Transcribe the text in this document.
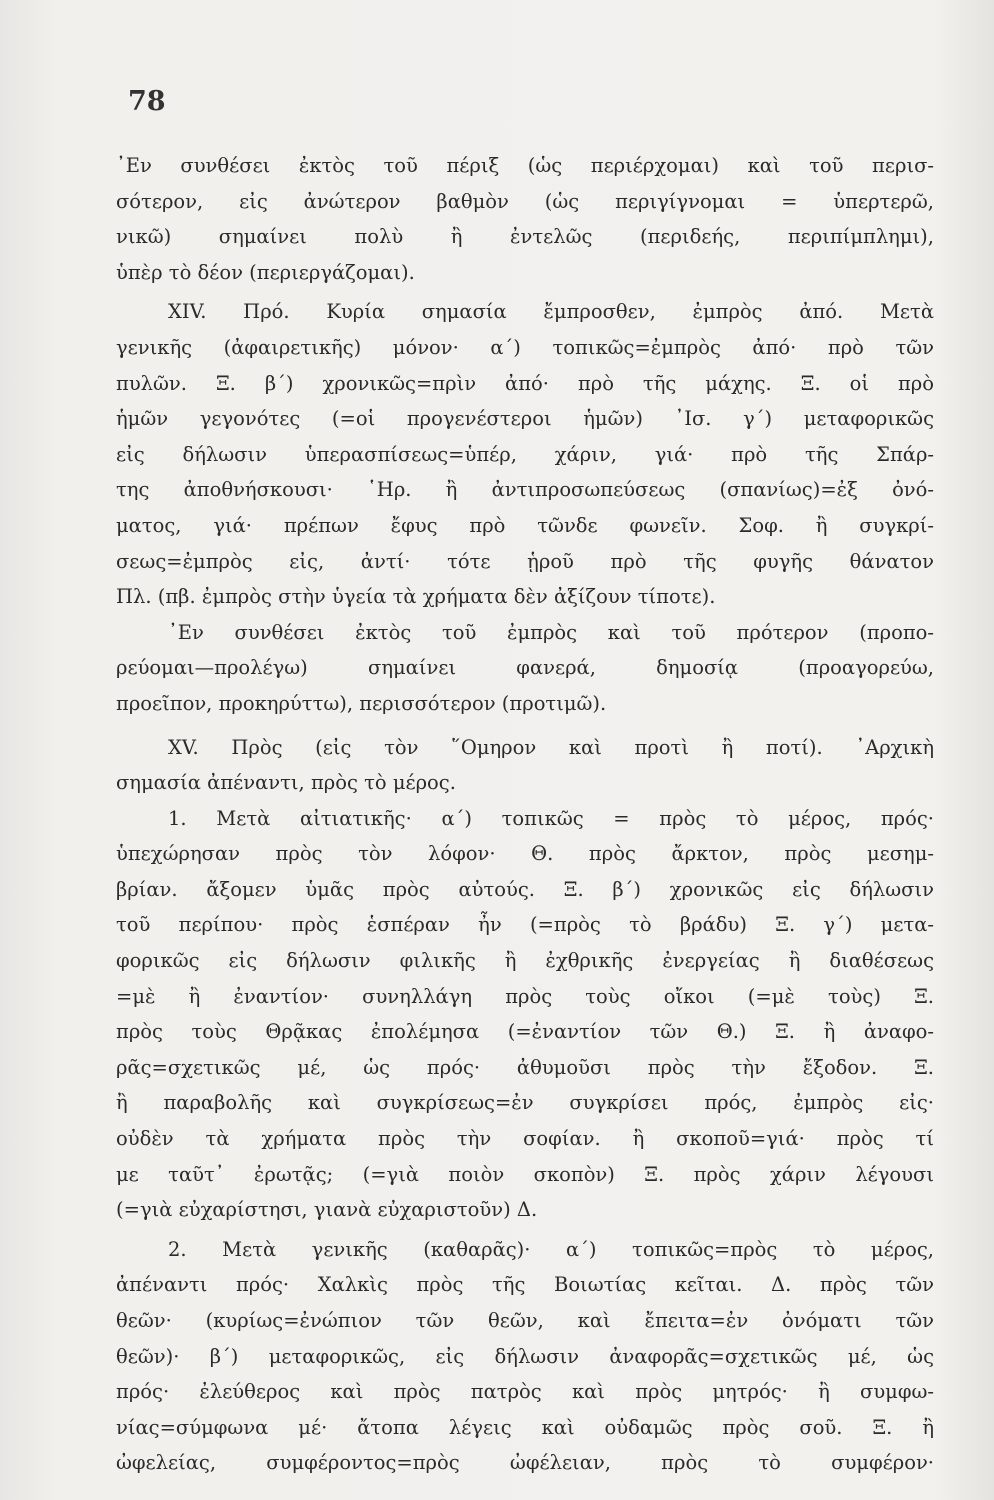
78
᾿Εν συνθέσει ἐκτὸς τοῦ πέριξ (ὡς περιέρχομαι) καὶ τοῦ περισ-
σότερον, εἰς ἀνώτερον βαθμὸν (ὡς περιγίγνομαι = ὑπερτερῶ,
νικῶ) σημαίνει πολὺ ἢ ἐντελῶς (περιδεής, περιπίμπλημι),
ὑπὲρ τὸ δέον (περιεργάζομαι).
XIV. Πρό. Κυρία σημασία ἔμπροσθεν, ἐμπρὸς ἀπό. Μετὰ
γενικῆς (ἀφαιρετικῆς) μόνον· α΄) τοπικῶς=ἐμπρὸς ἀπό· πρὸ τῶν
πυλῶν. Ξ. β΄) χρονικῶς=πρὶν ἀπό· πρὸ τῆς μάχης. Ξ. οἱ πρὸ
ἡμῶν γεγονότες (=οἱ προγενέστεροι ἡμῶν) ᾿Ισ. γ΄) μεταφορικῶς
εἰς δήλωσιν ὑπερασπίσεως=ὑπέρ, χάριν, γιά· πρὸ τῆς Σπάρ-
της ἀποθνήσκουσι· ῾Ηρ. ἢ ἀντιπροσωπεύσεως (σπανίως)=ἐξ ὀνό-
ματος, γιά· πρέπων ἔφυς πρὸ τῶνδε φωνεῖν. Σοφ. ἢ συγκρί-
σεως=ἐμπρὸς εἰς, ἀντί· τότε ᾑροῦ πρὸ τῆς φυγῆς θάνατον
Πλ. (πβ. ἐμπρὸς στὴν ὑγεία τὰ χρήματα δὲν ἀξίζουν τίποτε).
᾿Εν συνθέσει ἐκτὸς τοῦ ἐμπρὸς καὶ τοῦ πρότερον (προπο-
ρεύομαι—προλέγω) σημαίνει φανερά, δημοσίᾳ (προαγορεύω,
προεῖπον, προκηρύττω), περισσότερον (προτιμῶ).
XV. Πρὸς (εἰς τὸν ῞Ομηρον καὶ προτὶ ἢ ποτί). ᾿Αρχικὴ
σημασία ἀπέναντι, πρὸς τὸ μέρος.
1. Μετὰ αἰτιατικῆς· α΄) τοπικῶς = πρὸς τὸ μέρος, πρός·
ὑπεχώρησαν πρὸς τὸν λόφον· Θ. πρὸς ἄρκτον, πρὸς μεσημ-
βρίαν. ἄξομεν ὑμᾶς πρὸς αὐτούς. Ξ. β΄) χρονικῶς εἰς δήλωσιν
τοῦ περίπου· πρὸς ἑσπέραν ἦν (=πρὸς τὸ βράδυ) Ξ. γ΄) μετα-
φορικῶς εἰς δήλωσιν φιλικῆς ἢ ἐχθρικῆς ἐνεργείας ἢ διαθέσεως
=μὲ ἢ ἐναντίον· συνηλλάγη πρὸς τοὺς οἴκοι (=μὲ τοὺς) Ξ.
πρὸς τοὺς Θρᾷκας ἐπολέμησα (=ἐναντίον τῶν Θ.) Ξ. ἢ ἀναφο-
ρᾶς=σχετικῶς μέ, ὡς πρός· ἀθυμοῦσι πρὸς τὴν ἔξοδον. Ξ.
ἢ παραβολῆς καὶ συγκρίσεως=ἐν συγκρίσει πρός, ἐμπρὸς εἰς·
οὐδὲν τὰ χρήματα πρὸς τὴν σοφίαν. ἢ σκοποῦ=γιά· πρὸς τί
με ταῦτ᾿ ἐρωτᾷς; (=γιὰ ποιὸν σκοπὸν) Ξ. πρὸς χάριν λέγουσι
(=γιὰ εὐχαρίστησι, γιανὰ εὐχαριστοῦν) Δ.
2. Μετὰ γενικῆς (καθαρᾶς)· α΄) τοπικῶς=πρὸς τὸ μέρος,
ἀπέναντι πρός· Χαλκὶς πρὸς τῆς Βοιωτίας κεῖται. Δ. πρὸς τῶν
θεῶν· (κυρίως=ἐνώπιον τῶν θεῶν, καὶ ἔπειτα=ἐν ὀνόματι τῶν
θεῶν)· β΄) μεταφορικῶς, εἰς δήλωσιν ἀναφορᾶς=σχετικῶς μέ, ὡς
πρός· ἐλεύθερος καὶ πρὸς πατρὸς καὶ πρὸς μητρός· ἢ συμφω-
νίας=σύμφωνα μέ· ἄτοπα λέγεις καὶ οὐδαμῶς πρὸς σοῦ. Ξ. ἢ
ὠφελείας, συμφέροντος=πρὸς ὠφέλειαν, πρὸς τὸ συμφέρον·
